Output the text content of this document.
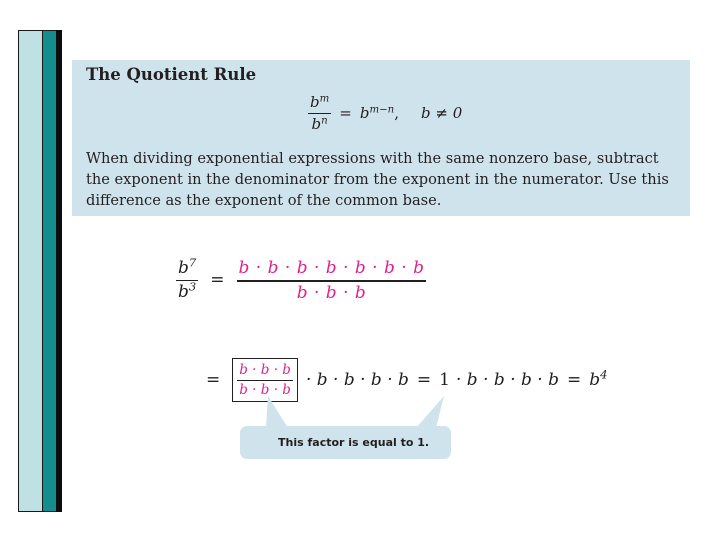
The Quotient Rule
$\frac{b^m}{b^n} = b^{m-n}$ , b ≠ 0
When dividing exponential expressions with the same nonzero base, subtract the exponent in the denominator from the exponent in the numerator. Use this difference as the exponent of the common base.
$\frac{b^7}{b^3} = \frac{b \cdot b \cdot b \cdot b \cdot b \cdot b \cdot b}{b \cdot b \cdot b}$
= $\frac{b \cdot b \cdot b}{b \cdot b \cdot b} \cdot b \cdot b \cdot b \cdot b = 1 \cdot b \cdot b \cdot b \cdot b = b^4$
This factor is equal to 1.
